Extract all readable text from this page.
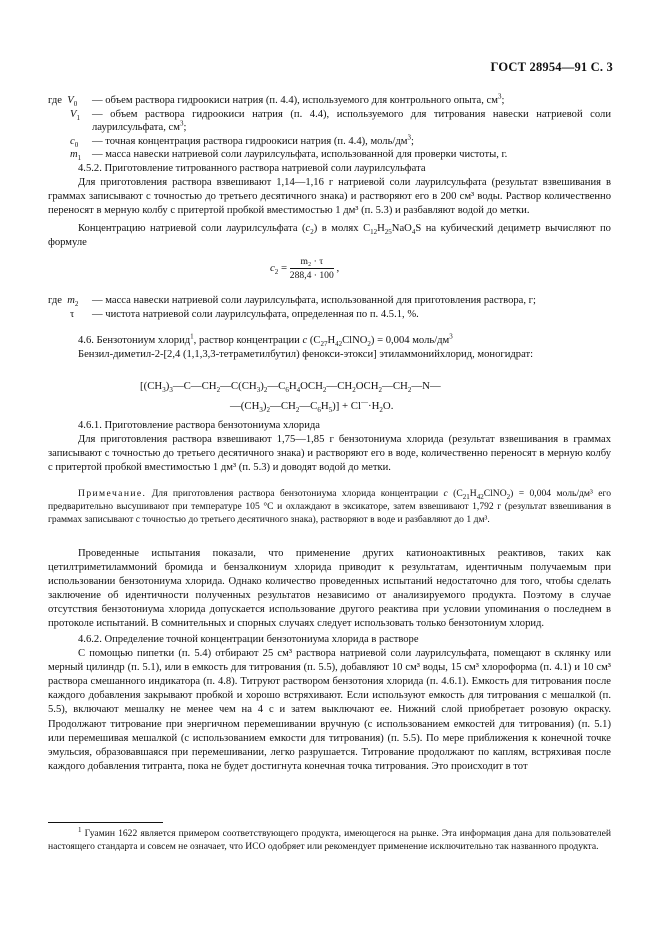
ГОСТ 28954—91 С. 3
где $V_0$	— объем раствора гидроокиси натрия (п. 4.4), используемого для контрольного опыта, $см^3$;
$V_1$	— объем раствора гидроокиси натрия (п. 4.4), используемого для титрования навески натриевой соли лаурилсульфата, $см^3$;
$c_0$	— точная концентрация раствора гидроокиси натрия (п. 4.4), моль/$дм^3$;
$m_1$	— масса навески натриевой соли лаурилсульфата, использованной для проверки чистоты, г.

4.5.2. Приготовление титрованного раствора натриевой соли лаурилсульфата

Для приготовления раствора взвешивают 1,14—1,16 г натриевой соли лаурилсульфата (результат взвешивания в граммах записывают с точностью до третьего десятичного знака) и растворяют его в 200 см³ воды. Раствор количественно переносят в мерную колбу с притертой пробкой вместимостью 1 дм³ (п. 5.3) и разбавляют водой до метки.

Концентрацию натриевой соли лаурилсульфата $(c_2)$ в молях $C_{12}H_{25}NaO_4S$ на кубический дециметр вычисляют по формуле

$c_2 = \frac{\text{m₂ · τ}}{288,4 \cdot 100}$ ,
где $m_2$	— масса навески натриевой соли лаурилсульфата, использованной для приготовления раствора, г;
τ	— чистота натриевой соли лаурилсульфата, определенная по п. 4.5.1, %.

4.6. Бензотониум хлорид$^1$, раствор концентрации c $(C_{27}H_{42}ClNO_2) = 0,004$ моль/$дм^3$

Бензил-диметил-2-[2,4 (1,1,3,3-тетраметилбутил) фенокси-этокси] этиламмонийхлорид, моногидрат:

[$(CH_3)_3—C—CH_2—C(CH_3)_2—C_6H_4OCH_2—CH_2OCH_2—CH_2—N—$
$—(CH_3)_2—CH_2—C_6H_5)] + Cl^—\cdot H_2O$.

4.6.1. Приготовление раствора бензотониума хлорида

Для приготовления раствора взвешивают 1,75—1,85 г бензотониума хлорида (результат взвешивания в граммах записывают с точностью до третьего десятичного знака) и растворяют его в воде, количественно переносят в мерную колбу с притертой пробкой вместимостью 1 дм³ (п. 5.3) и доводят водой до метки.

Примечание. Для приготовления раствора бензотониума хлорида концентрации c $(C_{21}H_{42}ClNO_2) = 0,004$ моль/дм³ его предварительно высушивают при температуре 105 °С и охлаждают в эксикаторе, затем взвешивают 1,792 г (результат взвешивания в граммах записывают с точностью до третьего десятичного знака), растворяют в воде и разбавляют до 1 дм³.

Проведенные испытания показали, что применение других катионоактивных реактивов, таких как цетилтриметиламмоний бромида и бензалкониум хлорида приводит к результатам, идентичным получаемым при использовании бензотониума хлорида. Однако количество проведенных испытаний недостаточно для того, чтобы сделать заключение об идентичности полученных результатов независимо от анализируемого продукта. Поэтому в случае отсутствия бензотониума хлорида допускается использование другого реактива при условии упоминания о последнем в протоколе испытаний. В сомнительных и спорных случаях следует использовать только бензотониум хлорид.

4.6.2. Определение точной концентрации бензотониума хлорида в растворе

С помощью пипетки (п. 5.4) отбирают 25 см³ раствора натриевой соли лаурилсульфата, помещают в склянку или мерный цилиндр (п. 5.1), или в емкость для титрования (п. 5.5), добавляют 10 см³ воды, 15 см³ хлороформа (п. 4.1) и 10 см³ раствора смешанного индикатора (п. 4.8). Титруют раствором бензотония хлорида (п. 4.6.1). Емкость для титрования после каждого добавления закрывают пробкой и хорошо встряхивают. Если используют емкость для титрования с мешалкой (п. 5.5), включают мешалку не менее чем на 4 с и затем выключают ее. Нижний слой приобретает розовую окраску. Продолжают титрование при энергичном перемешивании вручную (с использованием емкостей для титрования) (п. 5.1) или перемешивая мешалкой (с использованием емкости для титрования) (п. 5.5). По мере приближения к конечной точке эмульсия, образовавшаяся при перемешивании, легко разрушается. Титрование продолжают по каплям, встряхивая после каждого добавления титранта, пока не будет достигнута конечная точка титрования. Это происходит в тот

$^1$ Гуамин 1622 является примером соответствующего продукта, имеющегося на рынке. Эта информация дана для пользователей настоящего стандарта и совсем не означает, что ИСО одобряет или рекомендует применение исключительно так названного продукта.
